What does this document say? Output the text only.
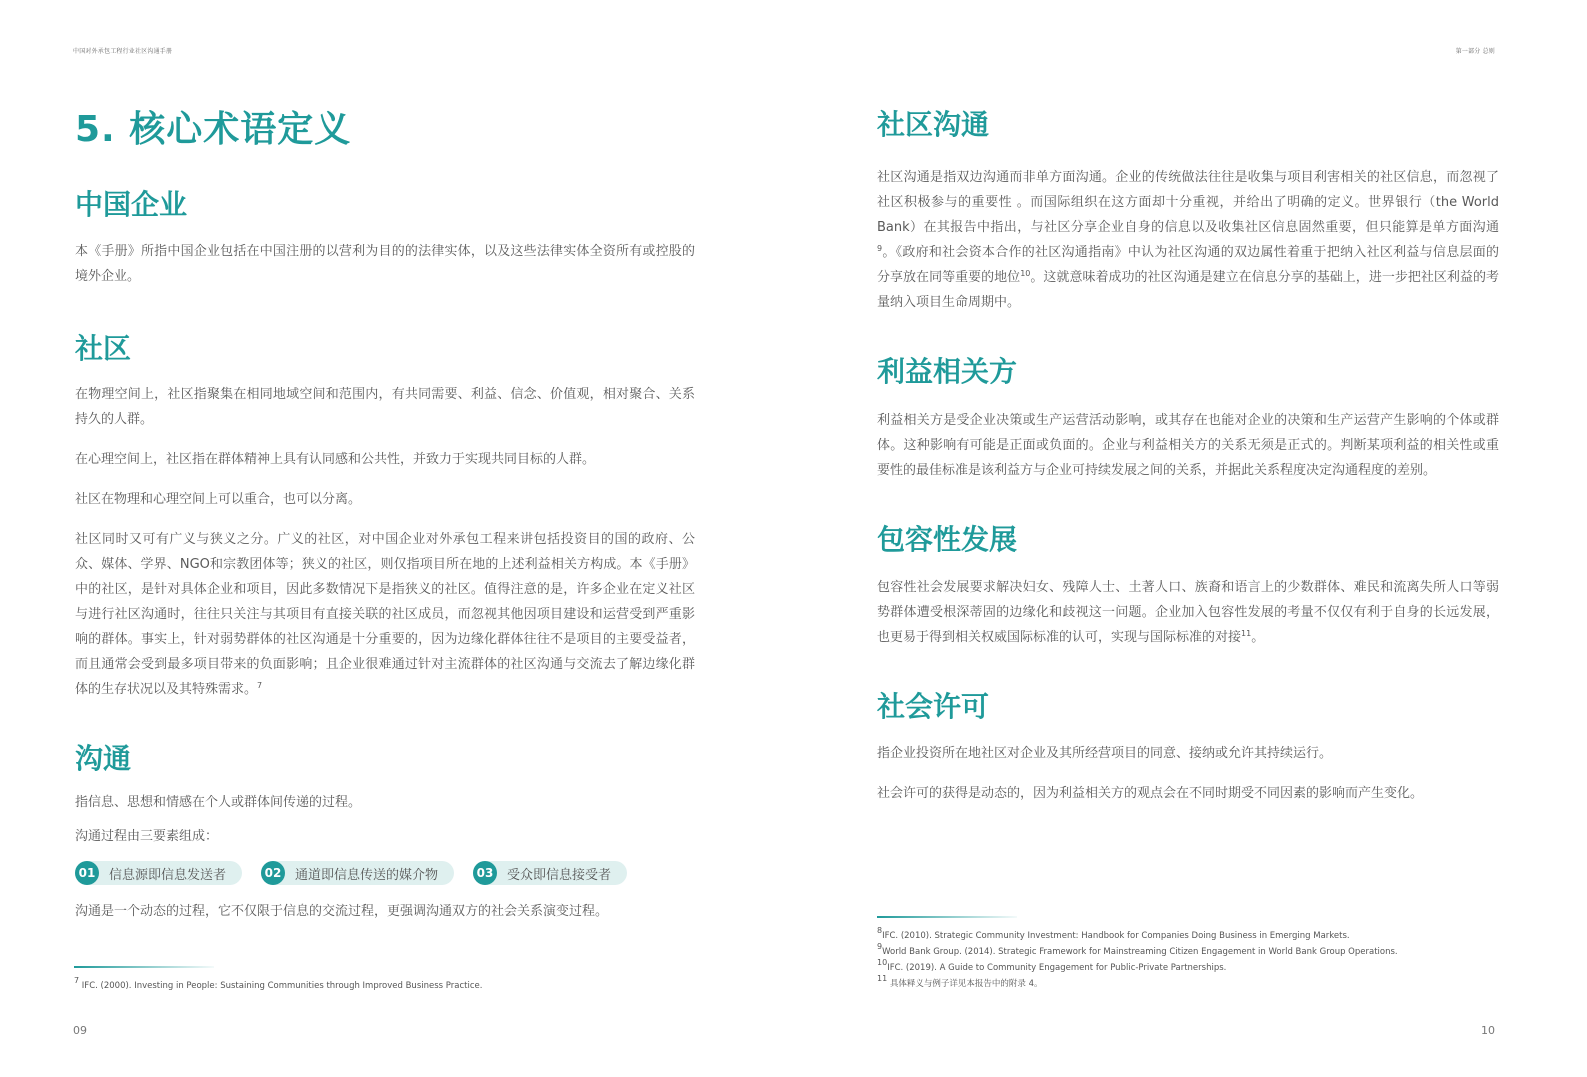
中国对外承包工程行业社区沟通手册
5. 核心术语定义
中国企业

本《手册》所指中国企业包括在中国注册的以营利为目的的法律实体，以及这些法律实体全资所有或控股的境外企业。

社区

在物理空间上，社区指聚集在相同地域空间和范围内，有共同需要、利益、信念、价值观，相对聚合、关系持久的人群。

在心理空间上，社区指在群体精神上具有认同感和公共性，并致力于实现共同目标的人群。

社区在物理和心理空间上可以重合，也可以分离。

社区同时又可有广义与狭义之分。广义的社区，对中国企业对外承包工程来讲包括投资目的国的政府、公众、媒体、学界、NGO和宗教团体等；狭义的社区，则仅指项目所在地的上述利益相关方构成。本《手册》中的社区，是针对具体企业和项目，因此多数情况下是指狭义的社区。值得注意的是，许多企业在定义社区与进行社区沟通时，往往只关注与其项目有直接关联的社区成员，而忽视其他因项目建设和运营受到严重影响的群体。事实上，针对弱势群体的社区沟通是十分重要的，因为边缘化群体往往不是项目的主要受益者，而且通常会受到最多项目带来的负面影响；且企业很难通过针对主流群体的社区沟通与交流去了解边缘化群体的生存状况以及其特殊需求。$^7$

沟通

指信息、思想和情感在个人或群体间传递的过程。

沟通过程由三要素组成：

01 信息源即信息发送者	02 通道即信息传送的媒介物	03 受众即信息接受者

沟通是一个动态的过程，它不仅限于信息的交流过程，更强调沟通双方的社会关系演变过程。

$^7$ IFC. (2000). Investing in People: Sustaining Communities through Improved Business Practice.
09
第一部分 总则
社区沟通

社区沟通是指双边沟通而非单方面沟通。企业的传统做法往往是收集与项目利害相关的社区信息，而忽视了社区积极参与的重要性 。而国际组织在这方面却十分重视，并给出了明确的定义。世界银行（the World Bank）在其报告中指出，与社区分享企业自身的信息以及收集社区信息固然重要，但只能算是单方面沟通$^9$。《政府和社会资本合作的社区沟通指南》中认为社区沟通的双边属性着重于把纳入社区利益与信息层面的分享放在同等重要的地位$^{10}$。这就意味着成功的社区沟通是建立在信息分享的基础上，进一步把社区利益的考量纳入项目生命周期中。

利益相关方

利益相关方是受企业决策或生产运营活动影响，或其存在也能对企业的决策和生产运营产生影响的个体或群体。这种影响有可能是正面或负面的。企业与利益相关方的关系无须是正式的。判断某项利益的相关性或重要性的最佳标准是该利益方与企业可持续发展之间的关系，并据此关系程度决定沟通程度的差别。

包容性发展

包容性社会发展要求解决妇女、残障人士、土著人口、族裔和语言上的少数群体、难民和流离失所人口等弱势群体遭受根深蒂固的边缘化和歧视这一问题。企业加入包容性发展的考量不仅仅有利于自身的长远发展，也更易于得到相关权威国际标准的认可，实现与国际标准的对接$^{11}$。

社会许可

指企业投资所在地社区对企业及其所经营项目的同意、接纳或允许其持续运行。

社会许可的获得是动态的，因为利益相关方的观点会在不同时期受不同因素的影响而产生变化。

$^8$IFC. (2010). Strategic Community Investment: Handbook for Companies Doing Business in Emerging Markets.
$^9$World Bank Group. (2014). Strategic Framework for Mainstreaming Citizen Engagement in World Bank Group Operations.
$^{10}$IFC. (2019). A Guide to Community Engagement for Public-Private Partnerships.
$^{11}$ 具体释义与例子详见本报告中的附录 4。
10
